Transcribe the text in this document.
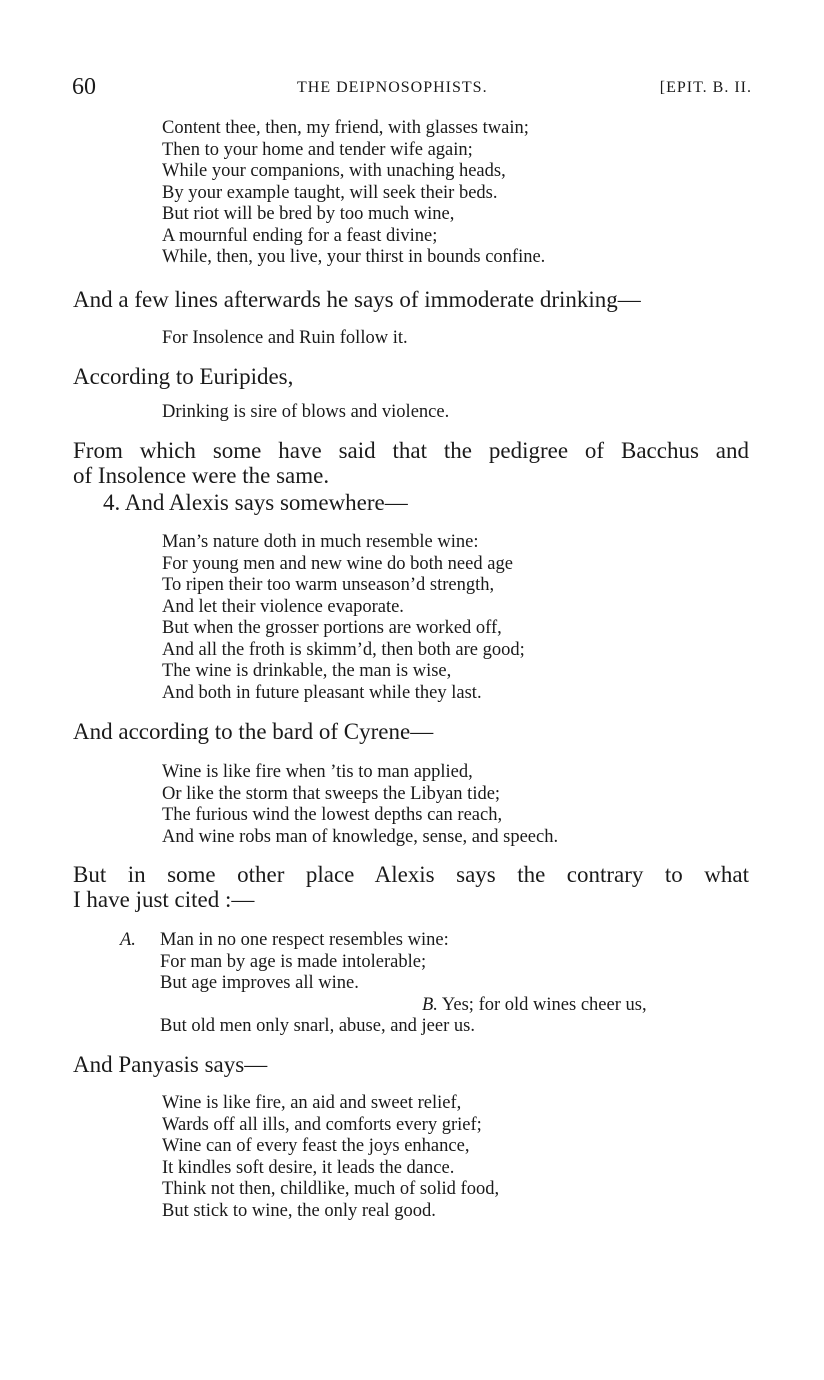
60	THE DEIPNOSOPHISTS.	[EPIT. B. II.
Content thee, then, my friend, with glasses twain;
Then to your home and tender wife again;
While your companions, with unaching heads,
By your example taught, will seek their beds.
But riot will be bred by too much wine,
A mournful ending for a feast divine;
While, then, you live, your thirst in bounds confine.
And a few lines afterwards he says of immoderate drinking—
For Insolence and Ruin follow it.
According to Euripides,
Drinking is sire of blows and violence.
From which some have said that the pedigree of Bacchus and
of Insolence were the same.
4. And Alexis says somewhere—
Man’s nature doth in much resemble wine:
For young men and new wine do both need age
To ripen their too warm unseason’d strength,
And let their violence evaporate.
But when the grosser portions are worked off,
And all the froth is skimm’d, then both are good;
The wine is drinkable, the man is wise,
And both in future pleasant while they last.
And according to the bard of Cyrene—
Wine is like fire when ’tis to man applied,
Or like the storm that sweeps the Libyan tide;
The furious wind the lowest depths can reach,
And wine robs man of knowledge, sense, and speech.
But in some other place Alexis says the contrary to what
I have just cited :—
A. Man in no one respect resembles wine:
For man by age is made intolerable;
But age improves all wine.
B. Yes; for old wines cheer us,
But old men only snarl, abuse, and jeer us.
And Panyasis says—
Wine is like fire, an aid and sweet relief,
Wards off all ills, and comforts every grief;
Wine can of every feast the joys enhance,
It kindles soft desire, it leads the dance.
Think not then, childlike, much of solid food,
But stick to wine, the only real good.
